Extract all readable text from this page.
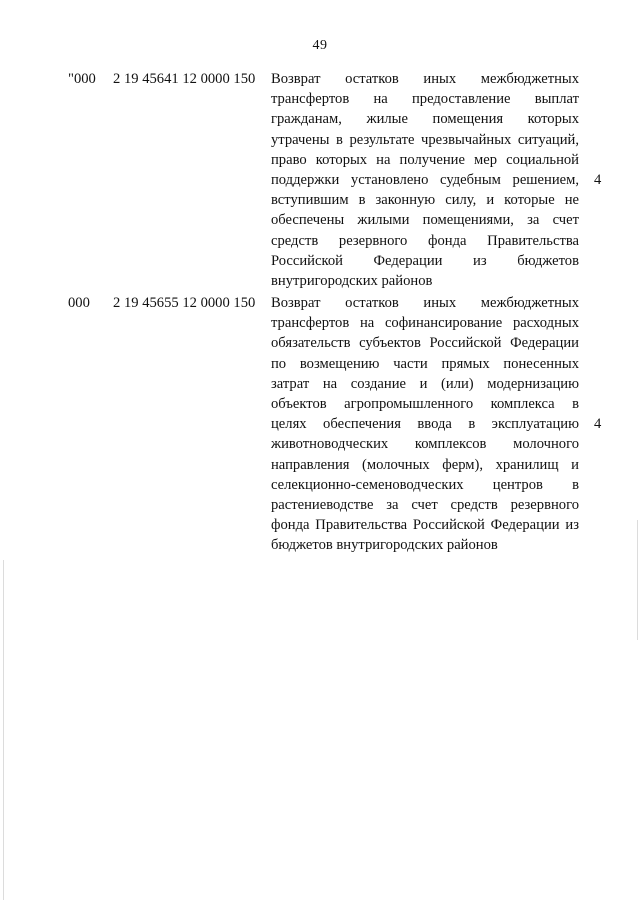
49
"000	2 19 45641 12 0000 150	Возврат остатков иных межбюджетных
трансфертов на предоставление выплат
гражданам, жилые помещения которых
утрачены в результате чрезвычайных ситуаций,
право которых на получение мер социальной
поддержки установлено судебным решением,
вступившим в законную силу, и которые не
обеспечены жилыми помещениями, за счет
средств резервного фонда Правительства
Российской Федерации из бюджетов
внутригородских районов
4
000	2 19 45655 12 0000 150	Возврат остатков иных межбюджетных
трансфертов на софинансирование расходных
обязательств субъектов Российской Федерации
по возмещению части прямых понесенных
затрат на создание и (или) модернизацию
объектов агропромышленного комплекса в
целях обеспечения ввода в эксплуатацию
животноводческих комплексов молочного
направления (молочных ферм), хранилищ и
селекционно-семеноводческих центров в
растениеводстве за счет средств резервного
фонда Правительства Российской Федерации из
бюджетов внутригородских районов
4
